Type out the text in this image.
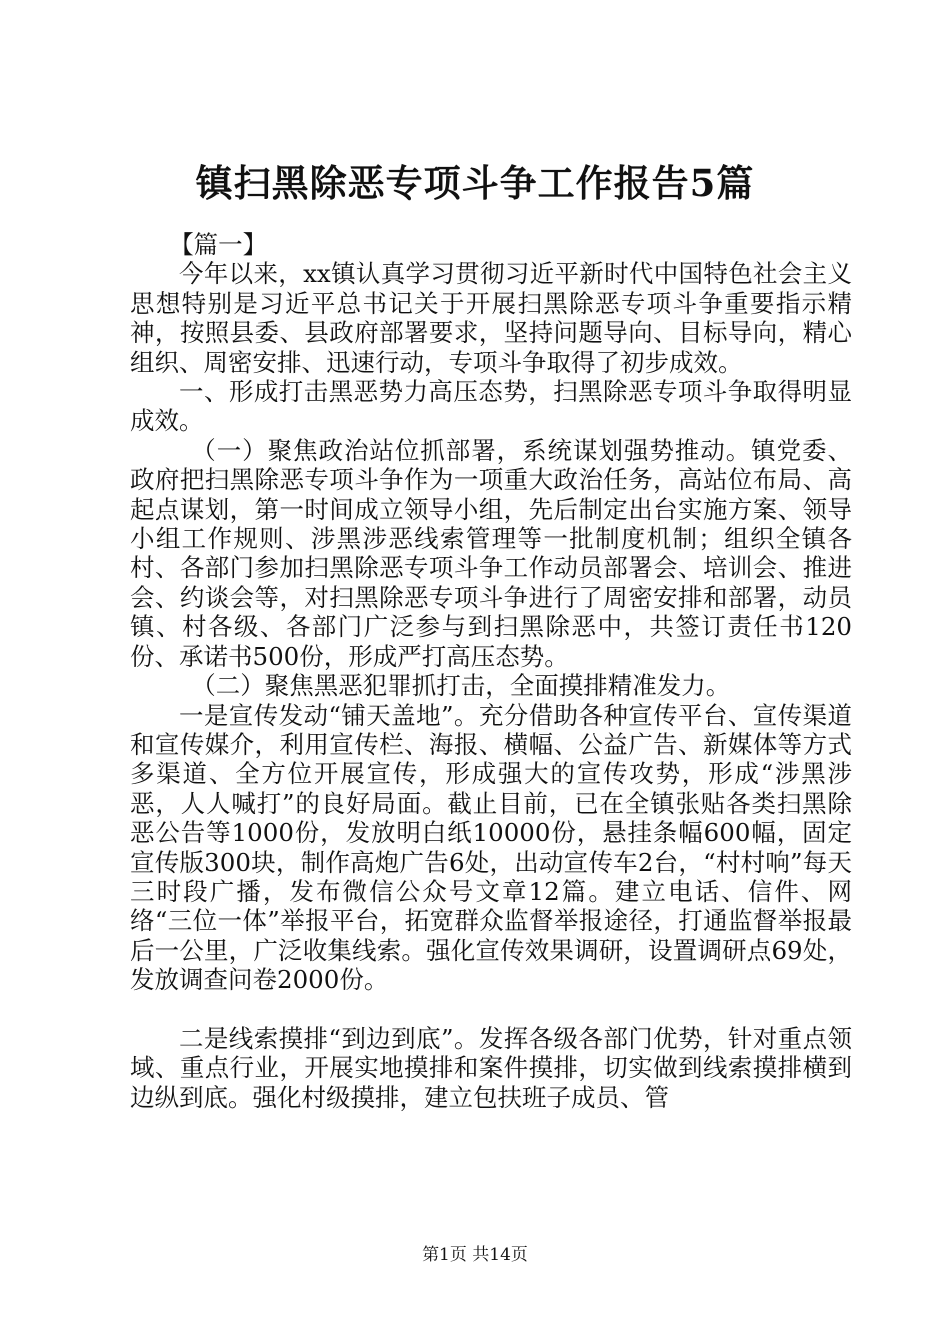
镇扫黑除恶专项斗争工作报告5篇

【篇一】

今年以来，xx镇认真学习贯彻习近平新时代中国特色社会主义思想特别是习近平总书记关于开展扫黑除恶专项斗争重要指示精神，按照县委、县政府部署要求，坚持问题导向、目标导向，精心组织、周密安排、迅速行动，专项斗争取得了初步成效。

一、形成打击黑恶势力高压态势，扫黑除恶专项斗争取得明显成效。

（一）聚焦政治站位抓部署，系统谋划强势推动。镇党委、政府把扫黑除恶专项斗争作为一项重大政治任务，高站位布局、高起点谋划，第一时间成立领导小组，先后制定出台实施方案、领导小组工作规则、涉黑涉恶线索管理等一批制度机制；组织全镇各村、各部门参加扫黑除恶专项斗争工作动员部署会、培训会、推进会、约谈会等，对扫黑除恶专项斗争进行了周密安排和部署，动员镇、村各级、各部门广泛参与到扫黑除恶中，共签订责任书120份、承诺书500份，形成严打高压态势。

（二）聚焦黑恶犯罪抓打击，全面摸排精准发力。

一是宣传发动“铺天盖地”。充分借助各种宣传平台、宣传渠道和宣传媒介，利用宣传栏、海报、横幅、公益广告、新媒体等方式多渠道、全方位开展宣传，形成强大的宣传攻势，形成“涉黑涉恶，人人喊打”的良好局面。截止目前，已在全镇张贴各类扫黑除恶公告等1000份，发放明白纸10000份，悬挂条幅600幅，固定宣传版300块，制作高炮广告6处，出动宣传车2台，“村村响”每天三时段广播，发布微信公众号文章12篇。建立电话、信件、网络“三位一体”举报平台，拓宽群众监督举报途径，打通监督举报最后一公里，广泛收集线索。强化宣传效果调研，设置调研点69处，发放调查问卷2000份。

二是线索摸排“到边到底”。发挥各级各部门优势，针对重点领域、重点行业，开展实地摸排和案件摸排，切实做到线索摸排横到边纵到底。强化村级摸排，建立包扶班子成员、管

第1页 共14页
